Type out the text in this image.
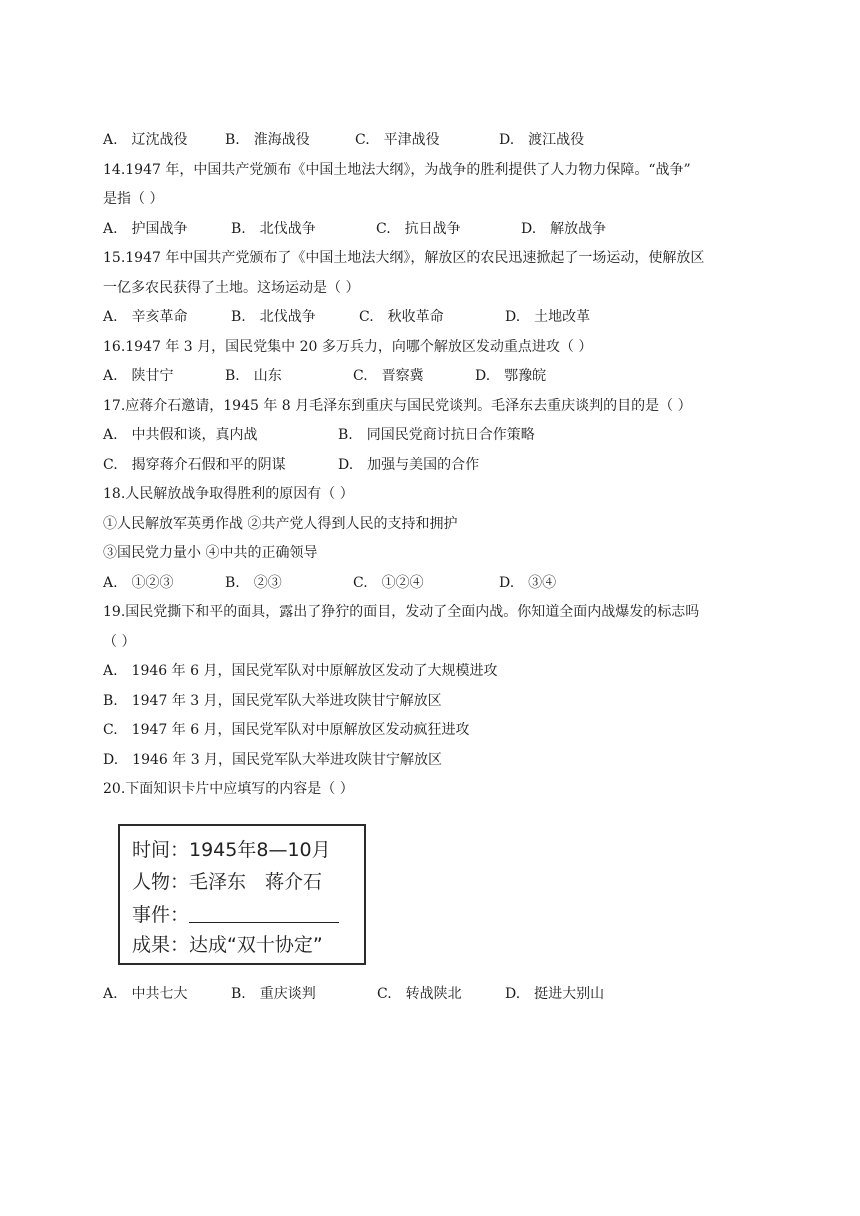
A.　辽沈战役	B.　淮海战役	C.　平津战役	D.　渡江战役
14.1947 年，中国共产党颁布《中国土地法大纲》，为战争的胜利提供了人力物力保障。“战争”
是指（ ）
A.　护国战争	B.　北伐战争	C.　抗日战争	D.　解放战争
15.1947 年中国共产党颁布了《中国土地法大纲》，解放区的农民迅速掀起了一场运动，使解放区
一亿多农民获得了土地。这场运动是（ ）
A.　辛亥革命	B.　北伐战争	C.　秋收革命	D.　土地改革
16.1947 年 3 月，国民党集中 20 多万兵力，向哪个解放区发动重点进攻（ ）
A.　陕甘宁	B.　山东	C.　晋察冀	D.　鄂豫皖
17.应蒋介石邀请，1945 年 8 月毛泽东到重庆与国民党谈判。毛泽东去重庆谈判的目的是（ ）
A.　中共假和谈，真内战	B.　同国民党商讨抗日合作策略
C.　揭穿蒋介石假和平的阴谋	D.　加强与美国的合作
18.人民解放战争取得胜利的原因有（ ）
①人民解放军英勇作战 ②共产党人得到人民的支持和拥护
③国民党力量小 ④中共的正确领导
A.　①②③	B.　②③	C.　①②④	D.　③④
19.国民党撕下和平的面具，露出了狰狞的面目，发动了全面内战。你知道全面内战爆发的标志吗
（ ）
A.　1946 年 6 月，国民党军队对中原解放区发动了大规模进攻
B.　1947 年 3 月，国民党军队大举进攻陕甘宁解放区
C.　1947 年 6 月，国民党军队对中原解放区发动疯狂进攻
D.　1946 年 3 月，国民党军队大举进攻陕甘宁解放区
20.下面知识卡片中应填写的内容是（ ）
时间：1945年8—10月
人物：毛泽东　蒋介石
事件：
成果：达成“双十协定”
A.　中共七大	B.　重庆谈判	C.　转战陕北	D.　挺进大别山
